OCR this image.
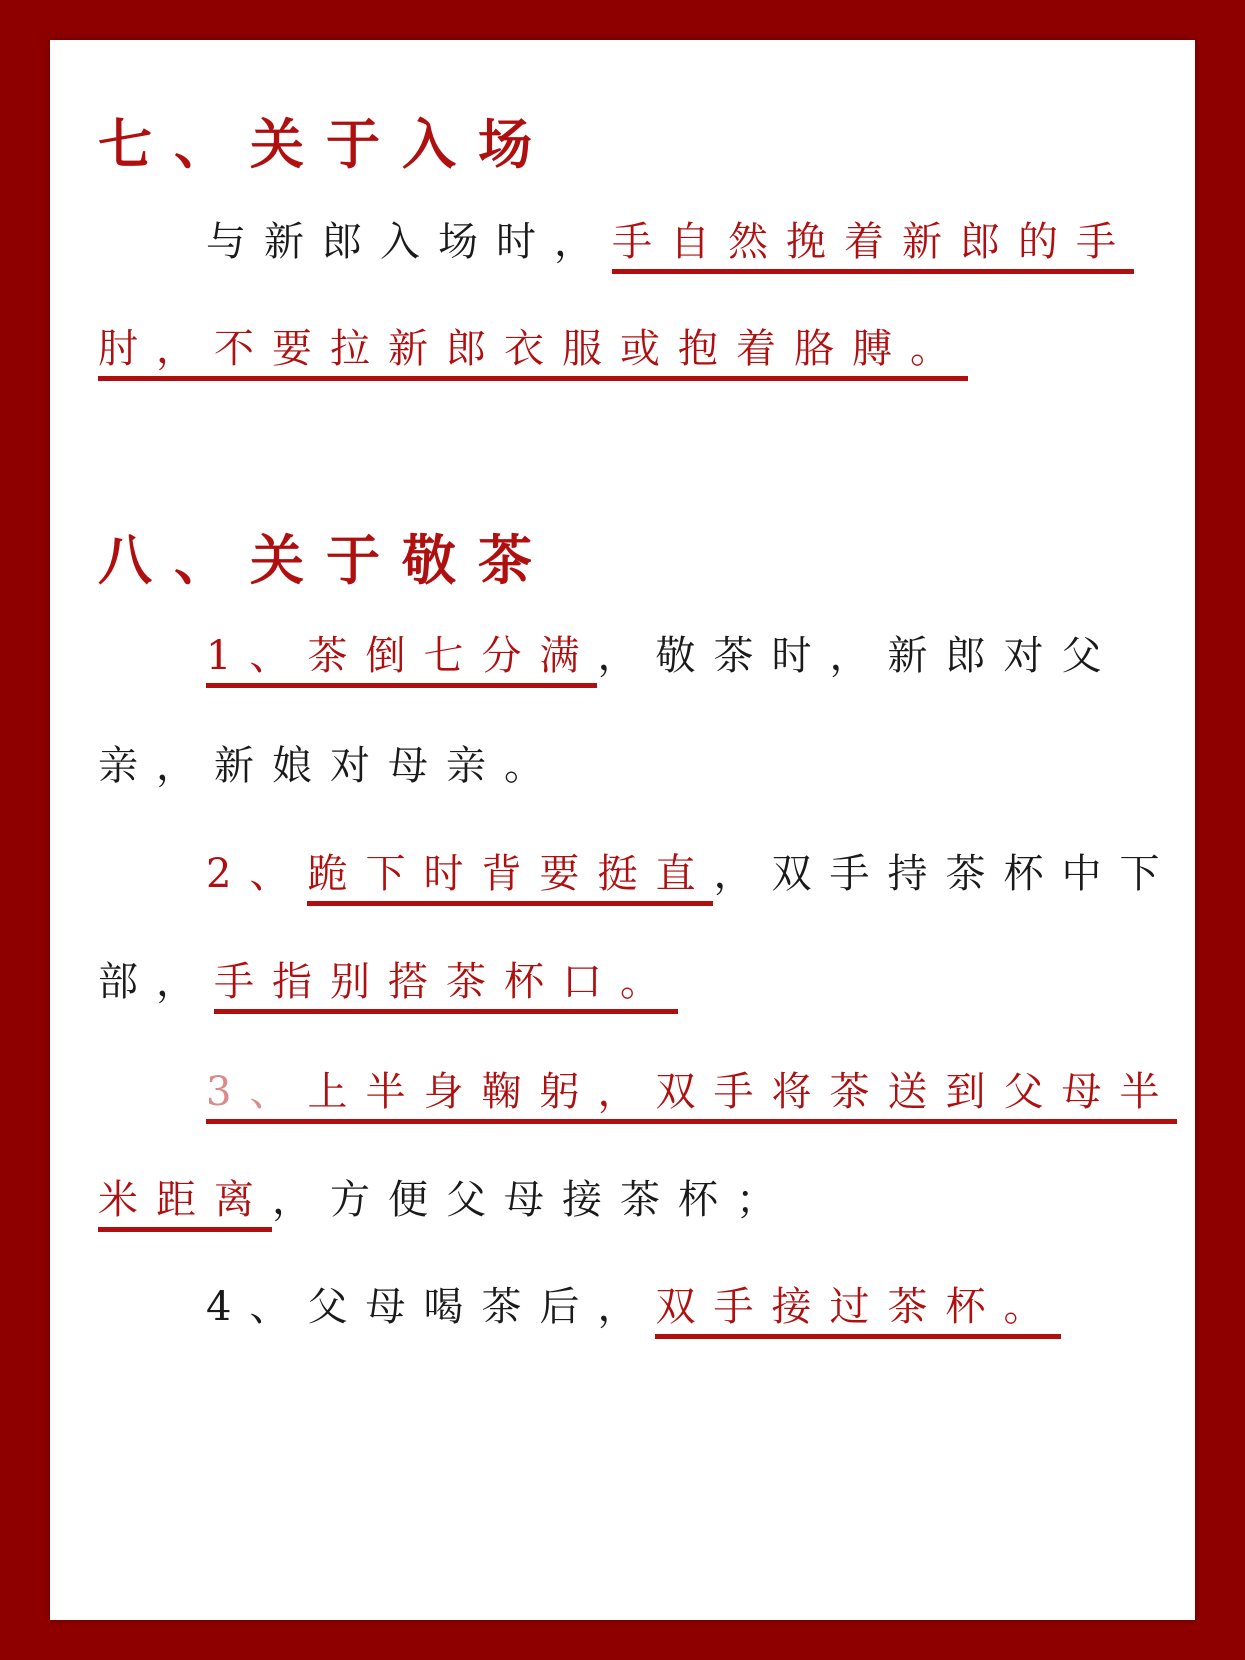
七、关于入场
与新郎入场时，手自然挽着新郎的手
肘，不要拉新郎衣服或抱着胳膊。
八、关于敬茶
1、茶倒七分满，敬茶时，新郎对父
亲，新娘对母亲。
2、跪下时背要挺直，双手持茶杯中下
部，手指别搭茶杯口。
3、上半身鞠躬，双手将茶送到父母半
米距离，方便父母接茶杯；
4、父母喝茶后，双手接过茶杯。
